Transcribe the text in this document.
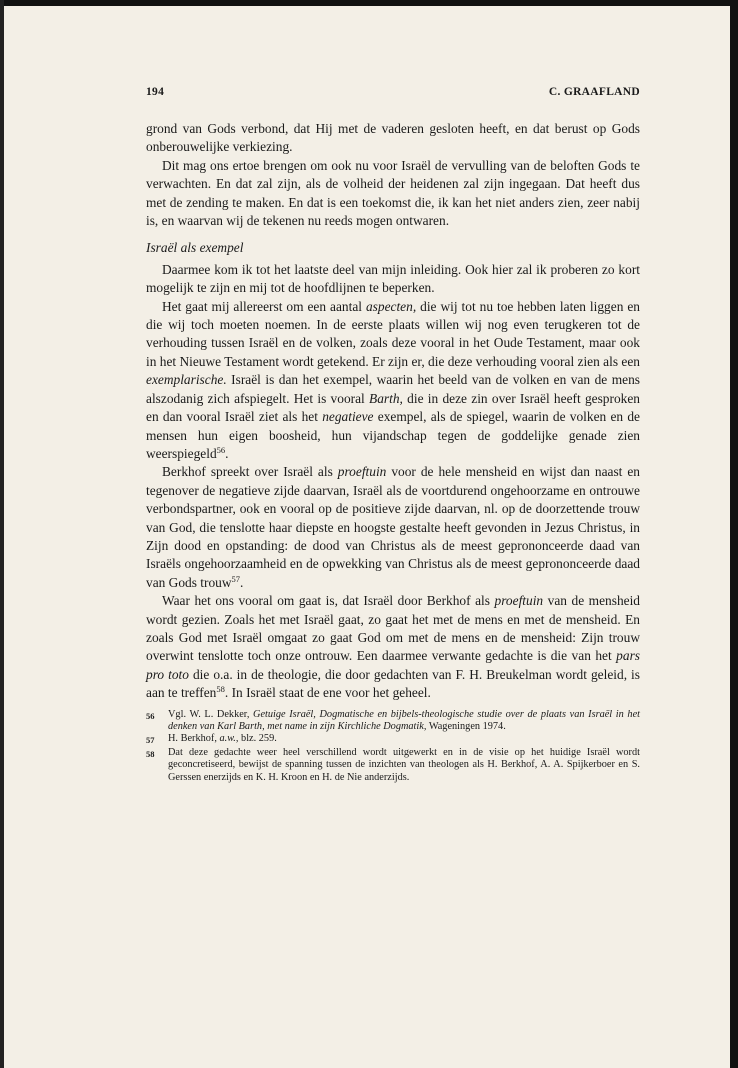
194	C. GRAAFLAND

grond van Gods verbond, dat Hij met de vaderen gesloten heeft, en dat berust op Gods onberouwelijke verkiezing.

Dit mag ons ertoe brengen om ook nu voor Israël de vervulling van de beloften Gods te verwachten. En dat zal zijn, als de volheid der heidenen zal zijn ingegaan. Dat heeft dus met de zending te maken. En dat is een toekomst die, ik kan het niet anders zien, zeer nabij is, en waarvan wij de tekenen nu reeds mogen ontwaren.

Israël als exempel

Daarmee kom ik tot het laatste deel van mijn inleiding. Ook hier zal ik proberen zo kort mogelijk te zijn en mij tot de hoofdlijnen te beperken.

Het gaat mij allereerst om een aantal aspecten, die wij tot nu toe hebben laten liggen en die wij toch moeten noemen. In de eerste plaats willen wij nog even terugkeren tot de verhouding tussen Israël en de volken, zoals deze vooral in het Oude Testament, maar ook in het Nieuwe Testament wordt getekend. Er zijn er, die deze verhouding vooral zien als een exemplarische. Israël is dan het exempel, waarin het beeld van de volken en van de mens alszodanig zich afspiegelt. Het is vooral Barth, die in deze zin over Israël heeft gesproken en dan vooral Israël ziet als het negatieve exempel, als de spiegel, waarin de volken en de mensen hun eigen boosheid, hun vijandschap tegen de goddelijke genade zien weerspiegeld$^{56}$.

Berkhof spreekt over Israël als proeftuin voor de hele mensheid en wijst dan naast en tegenover de negatieve zijde daarvan, Israël als de voortdurend ongehoorzame en ontrouwe verbondspartner, ook en vooral op de positieve zijde daarvan, nl. op de doorzettende trouw van God, die tenslotte haar diepste en hoogste gestalte heeft gevonden in Jezus Christus, in Zijn dood en opstanding: de dood van Christus als de meest geprononceerde daad van Israëls ongehoorzaamheid en de opwekking van Christus als de meest geprononceerde daad van Gods trouw$^{57}$.

Waar het ons vooral om gaat is, dat Israël door Berkhof als proeftuin van de mensheid wordt gezien. Zoals het met Israël gaat, zo gaat het met de mens en met de mensheid. En zoals God met Israël omgaat zo gaat God om met de mens en de mensheid: Zijn trouw overwint tenslotte toch onze ontrouw. Een daarmee verwante gedachte is die van het pars pro toto die o.a. in de theologie, die door gedachten van F. H. Breukelman wordt geleid, is aan te treffen$^{58}$. In Israël staat de ene voor het geheel.

56	Vgl. W. L. Dekker, Getuige Israël, Dogmatische en bijbels-theologische studie over de plaats van Israël in het denken van Karl Barth, met name in zijn Kirchliche Dogmatik, Wageningen 1974.
57	H. Berkhof, a.w., blz. 259.
58	Dat deze gedachte weer heel verschillend wordt uitgewerkt en in de visie op het huidige Israël wordt geconcretiseerd, bewijst de spanning tussen de inzichten van theologen als H. Berkhof, A. A. Spijkerboer en S. Gerssen enerzijds en K. H. Kroon en H. de Nie anderzijds.
